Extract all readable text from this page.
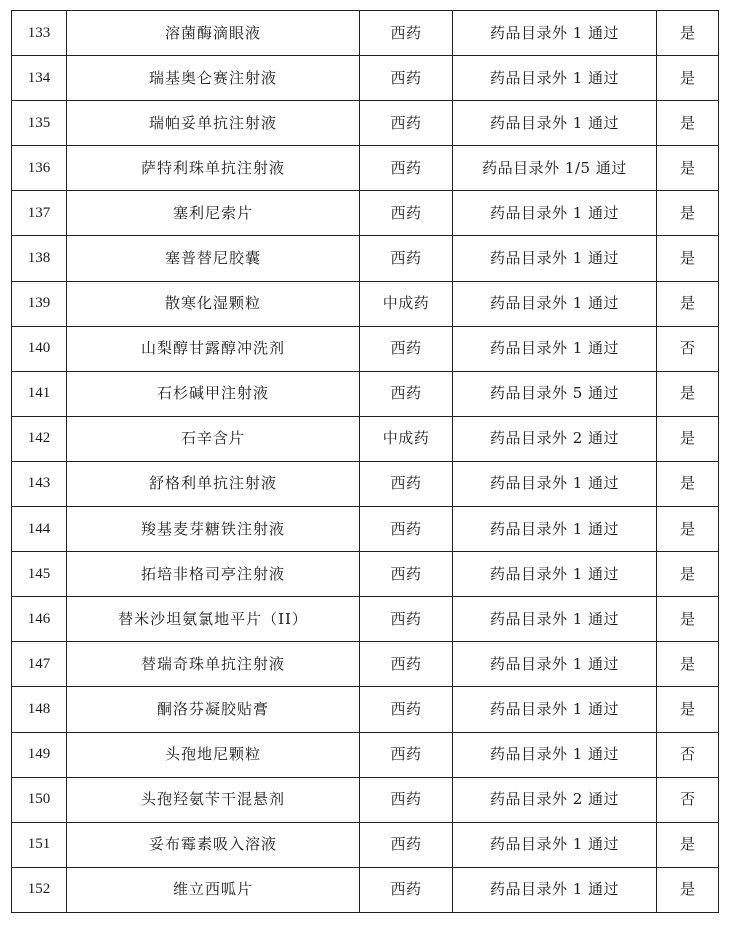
133	溶菌酶滴眼液	西药	药品目录外 1 通过	是
134	瑞基奥仑赛注射液	西药	药品目录外 1 通过	是
135	瑞帕妥单抗注射液	西药	药品目录外 1 通过	是
136	萨特利珠单抗注射液	西药	药品目录外 1/5 通过	是
137	塞利尼索片	西药	药品目录外 1 通过	是
138	塞普替尼胶囊	西药	药品目录外 1 通过	是
139	散寒化湿颗粒	中成药	药品目录外 1 通过	是
140	山梨醇甘露醇冲洗剂	西药	药品目录外 1 通过	否
141	石杉碱甲注射液	西药	药品目录外 5 通过	是
142	石辛含片	中成药	药品目录外 2 通过	是
143	舒格利单抗注射液	西药	药品目录外 1 通过	是
144	羧基麦芽糖铁注射液	西药	药品目录外 1 通过	是
145	拓培非格司亭注射液	西药	药品目录外 1 通过	是
146	替米沙坦氨氯地平片（II）	西药	药品目录外 1 通过	是
147	替瑞奇珠单抗注射液	西药	药品目录外 1 通过	是
148	酮洛芬凝胶贴膏	西药	药品目录外 1 通过	是
149	头孢地尼颗粒	西药	药品目录外 1 通过	否
150	头孢羟氨苄干混悬剂	西药	药品目录外 2 通过	否
151	妥布霉素吸入溶液	西药	药品目录外 1 通过	是
152	维立西呱片	西药	药品目录外 1 通过	是
